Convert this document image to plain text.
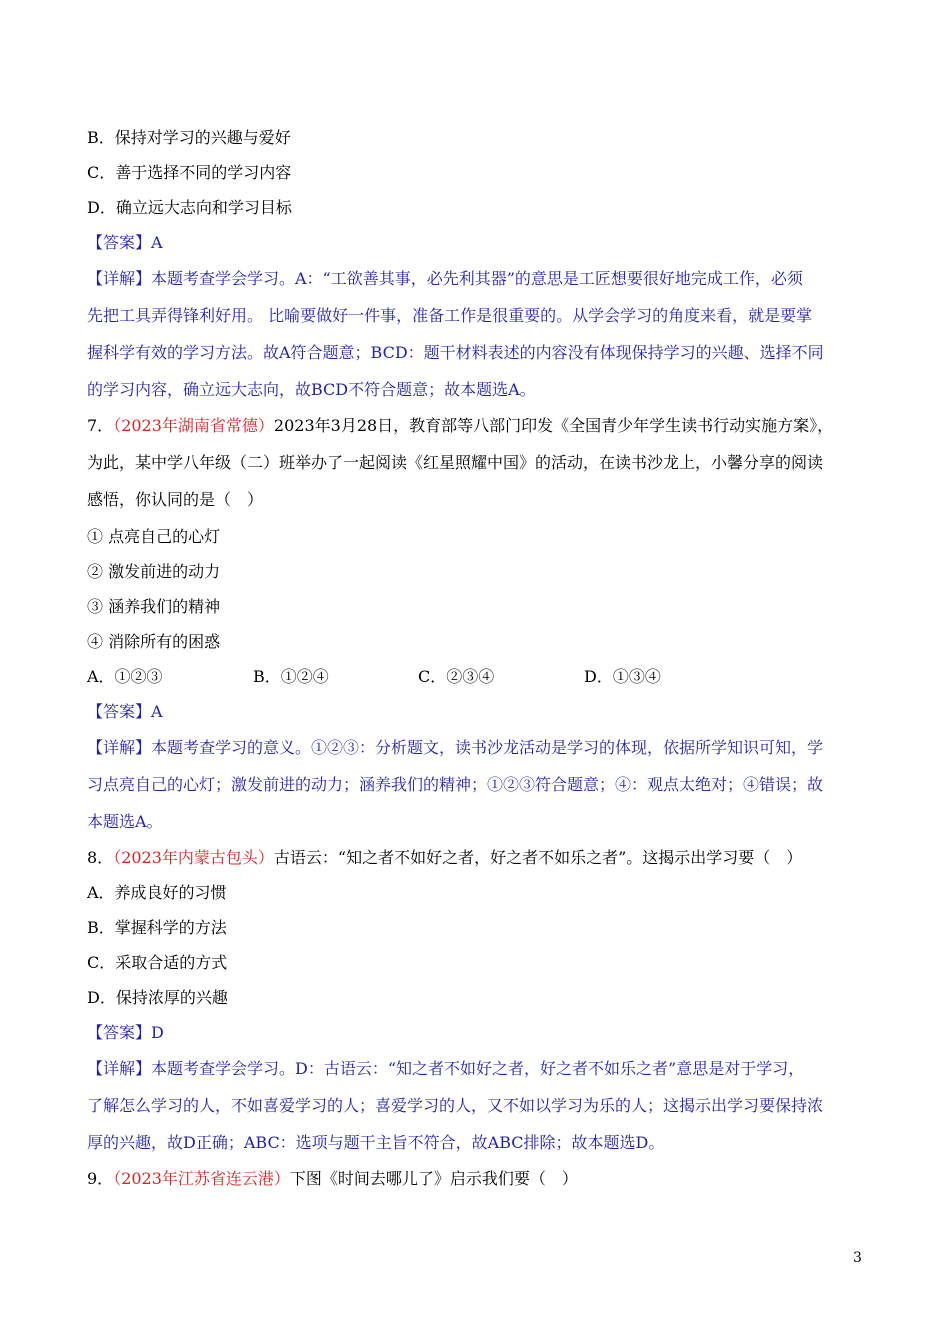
B．保持对学习的兴趣与爱好
C．善于选择不同的学习内容
D．确立远大志向和学习目标
【答案】A
【详解】本题考查学会学习。A：“工欲善其事，必先利其器”的意思是工匠想要很好地完成工作，必须
先把工具弄得锋利好用。 比喻要做好一件事，准备工作是很重要的。从学会学习的角度来看，就是要掌
握科学有效的学习方法。故A符合题意；BCD：题干材料表述的内容没有体现保持学习的兴趣、选择不同
的学习内容，确立远大志向，故BCD不符合题意；故本题选A。
7．（2023年湖南省常德）2023年3月28日，教育部等八部门印发《全国青少年学生读书行动实施方案》，
为此，某中学八年级（二）班举办了一起阅读《红星照耀中国》的活动，在读书沙龙上，小馨分享的阅读
感悟，你认同的是（　）
① 点亮自己的心灯
② 激发前进的动力
③ 涵养我们的精神
④ 消除所有的困惑
A．①②③	B．①②④	C．②③④	D．①③④
【答案】A
【详解】本题考查学习的意义。①②③：分析题文，读书沙龙活动是学习的体现，依据所学知识可知，学
习点亮自己的心灯；激发前进的动力；涵养我们的精神；①②③符合题意；④：观点太绝对；④错误；故
本题选A。
8．（2023年内蒙古包头）古语云：“知之者不如好之者，好之者不如乐之者”。这揭示出学习要（　）
A．养成良好的习惯
B．掌握科学的方法
C．采取合适的方式
D．保持浓厚的兴趣
【答案】D
【详解】本题考查学会学习。D：古语云：“知之者不如好之者，好之者不如乐之者”意思是对于学习，
了解怎么学习的人，不如喜爱学习的人；喜爱学习的人，又不如以学习为乐的人；这揭示出学习要保持浓
厚的兴趣，故D正确；ABC：选项与题干主旨不符合，故ABC排除；故本题选D。
9．（2023年江苏省连云港）下图《时间去哪儿了》启示我们要（　）
3
